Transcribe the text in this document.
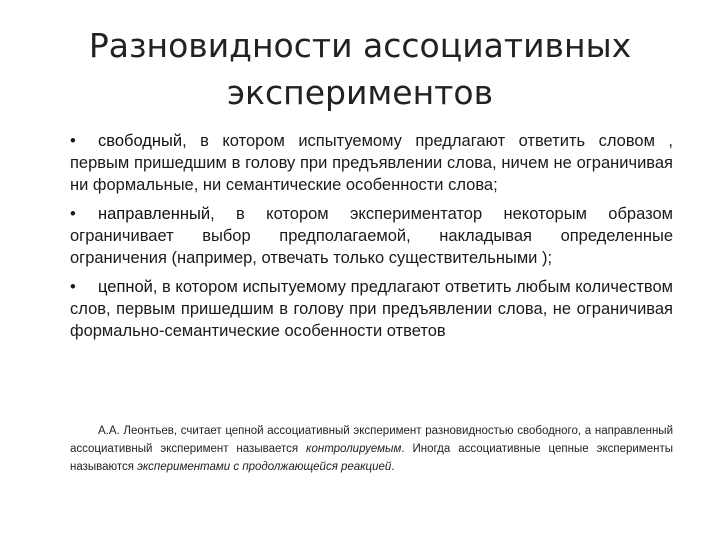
Разновидности ассоциативных экспериментов

• свободный, в котором испытуемому предлагают ответить словом , первым пришедшим в голову при предъявлении слова, ничем не ограничивая ни формальные, ни семантические особенности слова;

• направленный, в котором экспериментатор некоторым образом ограничивает выбор предполагаемой, накладывая определенные ограничения (например, отвечать только существительными );

• цепной, в котором испытуемому предлагают ответить любым количеством слов, первым пришедшим в голову при предъявлении слова, не ограничивая формально-семантические особенности ответов

А.А. Леонтьев, считает цепной ассоциативный эксперимент разновидностью свободного, а направленный ассоциативный эксперимент называется контролируемым. Иногда ассоциативные цепные эксперименты называются экспериментами с продолжающейся реакцией.
